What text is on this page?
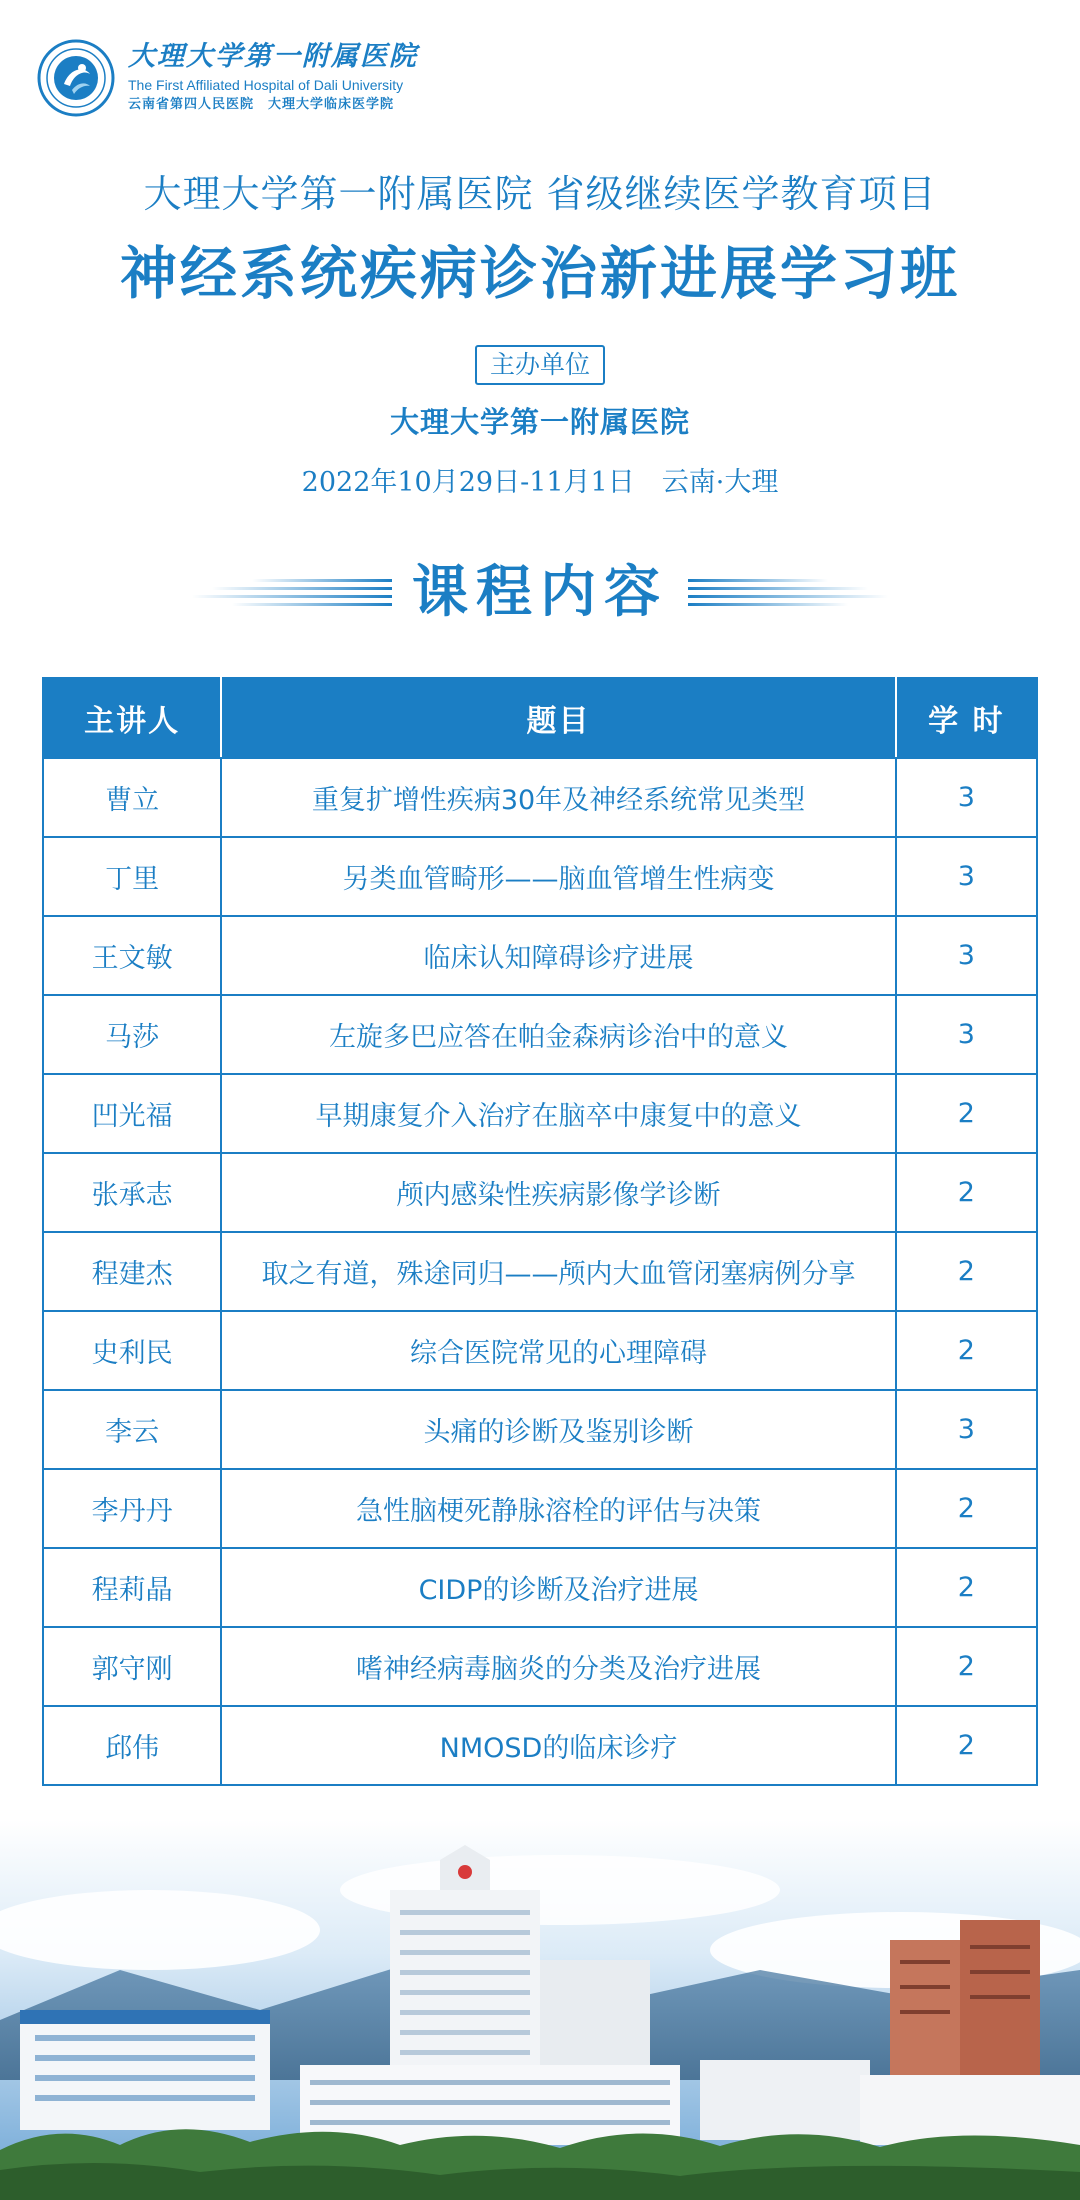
大理大学第一附属医院
The First Affiliated Hospital of Dali University
云南省第四人民医院　大理大学临床医学院
大理大学第一附属医院 省级继续医学教育项目
神经系统疾病诊治新进展学习班
主办单位
大理大学第一附属医院
2022年10月29日-11月1日　云南·大理
课程内容
主讲人	题目	学 时
曹立	重复扩增性疾病30年及神经系统常见类型	3
丁里	另类血管畸形——脑血管增生性病变	3
王文敏	临床认知障碍诊疗进展	3
马莎	左旋多巴应答在帕金森病诊治中的意义	3
凹光福	早期康复介入治疗在脑卒中康复中的意义	2
张承志	颅内感染性疾病影像学诊断	2
程建杰	取之有道，殊途同归——颅内大血管闭塞病例分享	2
史利民	综合医院常见的心理障碍	2
李云	头痛的诊断及鉴别诊断	3
李丹丹	急性脑梗死静脉溶栓的评估与决策	2
程莉晶	CIDP的诊断及治疗进展	2
郭守刚	嗜神经病毒脑炎的分类及治疗进展	2
邱伟	NMOSD的临床诊疗	2
